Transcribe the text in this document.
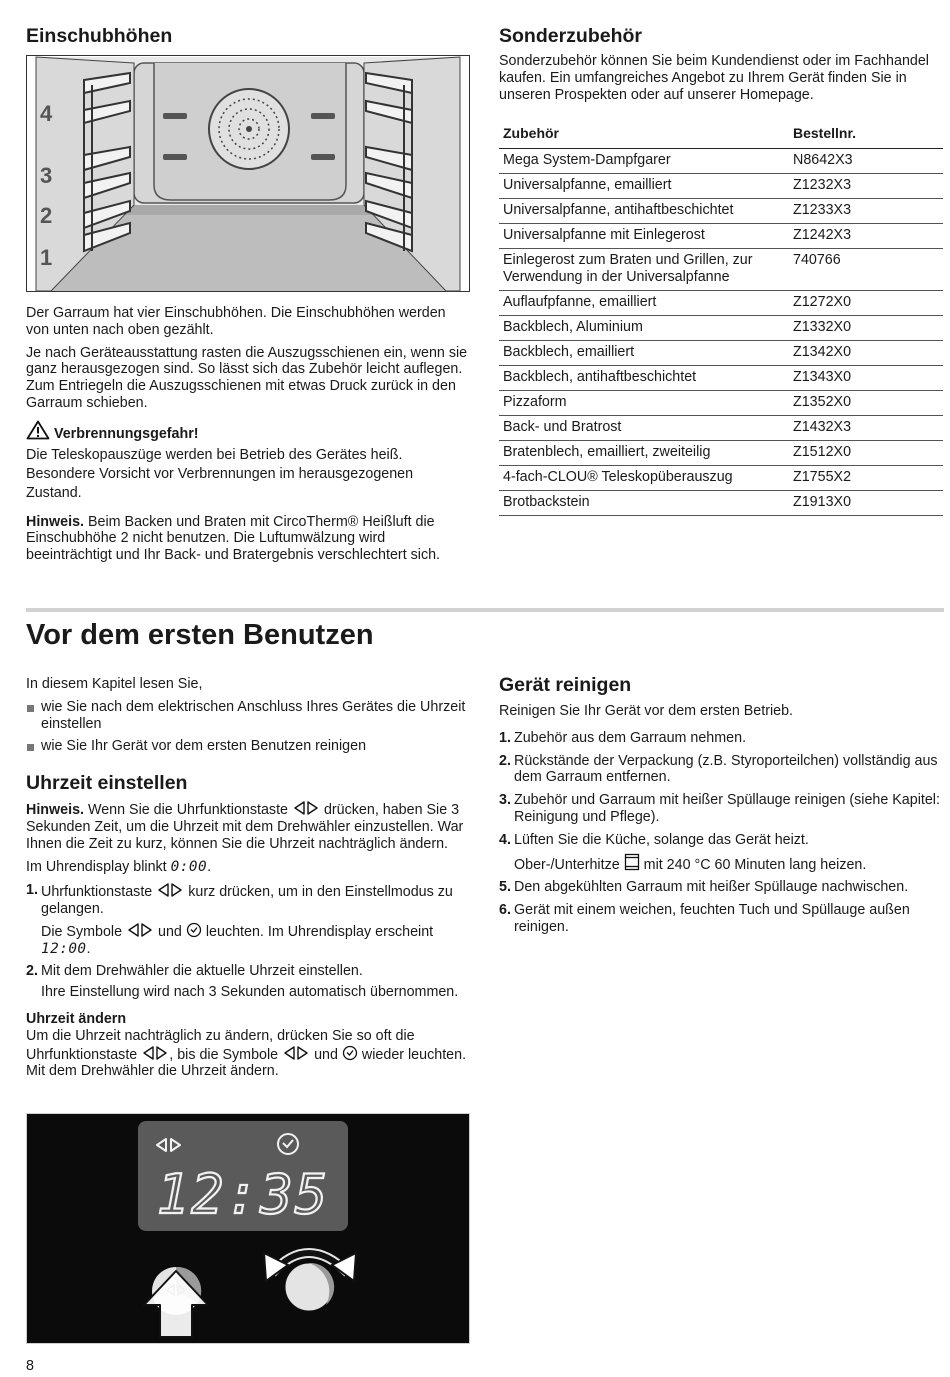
Einschubhöhen
4
3
2
1

Der Garraum hat vier Einschubhöhen. Die Einschubhöhen werden von unten nach oben gezählt.

Je nach Geräteausstattung rasten die Auszugsschienen ein, wenn sie ganz herausgezogen sind. So lässt sich das Zubehör leicht auflegen. Zum Entriegeln die Auszugsschienen mit etwas Druck zurück in den Garraum schieben.

Verbrennungsgefahr!

Die Teleskopauszüge werden bei Betrieb des Gerätes heiß. Besondere Vorsicht vor Verbrennungen im herausgezogenen Zustand.

Hinweis. Beim Backen und Braten mit CircoTherm® Heißluft die Einschubhöhe 2 nicht benutzen. Die Luftumwälzung wird beeinträchtigt und Ihr Back- und Bratergebnis verschlechtert sich.

Sonderzubehör

Sonderzubehör können Sie beim Kundendienst oder im Fachhandel kaufen. Ein umfangreiches Angebot zu Ihrem Gerät finden Sie in unseren Prospekten oder auf unserer Homepage.

Zubehör	Bestellnr.
Mega System-Dampfgarer	N8642X3
Universalpfanne, emailliert	Z1232X3
Universalpfanne, antihaftbeschichtet	Z1233X3
Universalpfanne mit Einlegerost	Z1242X3
Einlegerost zum Braten und Grillen, zur Verwendung in der Universalpfanne	740766
Auflaufpfanne, emailliert	Z1272X0
Backblech, Aluminium	Z1332X0
Backblech, emailliert	Z1342X0
Backblech, antihaftbeschichtet	Z1343X0
Pizzaform	Z1352X0
Back- und Bratrost	Z1432X3
Bratenblech, emailliert, zweiteilig	Z1512X0
4-fach-CLOU® Teleskopüberauszug	Z1755X2
Brotbackstein	Z1913X0
Vor dem ersten Benutzen

In diesem Kapitel lesen Sie,

wie Sie nach dem elektrischen Anschluss Ihres Gerätes die Uhrzeit einstellen
wie Sie Ihr Gerät vor dem ersten Benutzen reinigen
Uhrzeit einstellen

Hinweis. Wenn Sie die Uhrfunktionstaste	drücken, haben Sie 3 Sekunden Zeit, um die Uhrzeit mit dem Drehwähler einzustellen. War Ihnen die Zeit zu kurz, können Sie die Uhrzeit nachträglich ändern.

Im Uhrendisplay blinkt 0:00.

1. Uhrfunktionstaste	kurz drücken, um in den Einstellmodus zu gelangen.
Die Symbole	und leuchten. Im Uhrendisplay erscheint 12:00.
2. Mit dem Drehwähler die aktuelle Uhrzeit einstellen.
Ihre Einstellung wird nach 3 Sekunden automatisch übernommen.
Uhrzeit ändern

Um die Uhrzeit nachträglich zu ändern, drücken Sie so oft die Uhrfunktionstaste , bis die Symbole	und wieder leuchten. Mit dem Drehwähler die Uhrzeit ändern.

12:35
Gerät reinigen

Reinigen Sie Ihr Gerät vor dem ersten Betrieb.

1. Zubehör aus dem Garraum nehmen.
2. Rückstände der Verpackung (z.B. Styroporteilchen) vollständig aus dem Garraum entfernen.
3. Zubehör und Garraum mit heißer Spüllauge reinigen (siehe Kapitel: Reinigung und Pflege).
4. Lüften Sie die Küche, solange das Gerät heizt.
Ober-/Unterhitze mit 240 °C 60 Minuten lang heizen.
5. Den abgekühlten Garraum mit heißer Spüllauge nachwischen.
6. Gerät mit einem weichen, feuchten Tuch und Spüllauge außen reinigen.
8
